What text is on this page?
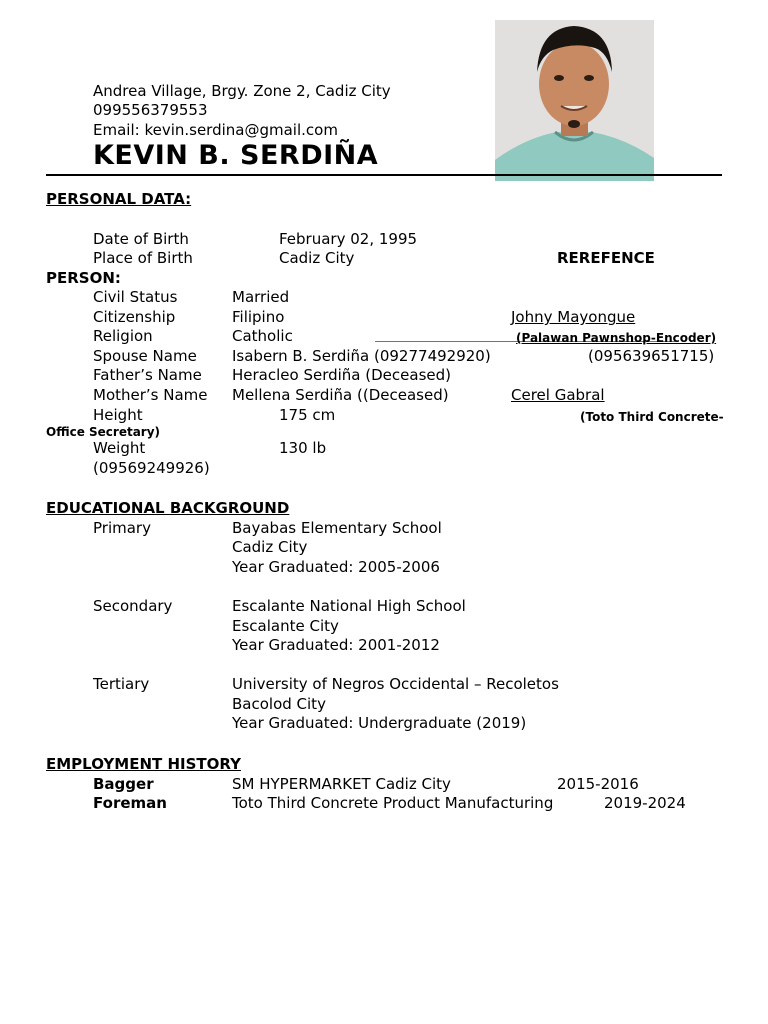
Andrea Village, Brgy. Zone 2, Cadiz City
099556379553
Email: kevin.serdina@gmail.com
KEVIN B. SERDIÑA
PERSONAL DATA:
Date of Birth	February 02, 1995
Place of Birth	Cadiz City	REREFENCE
PERSON:
Civil Status	Married
Citizenship	Filipino	Johny Mayongue
Religion	Catholic	(Palawan Pawnshop-Encoder)
Spouse Name Isabern B. Serdiña (09277492920)	(095639651715)
Father’s Name Heracleo Serdiña (Deceased)
Mother’s Name Mellena Serdiña ((Deceased)	Cerel Gabral
Height	175 cm	(Toto Third Concrete-
Office Secretary)
Weight	130 lb
(09569249926)
EDUCATIONAL BACKGROUND
Primary	Bayabas Elementary School
Cadiz City
Year Graduated: 2005-2006
Secondary	Escalante National High School
Escalante City
Year Graduated: 2001-2012
Tertiary	University of Negros Occidental – Recoletos
Bacolod City
Year Graduated: Undergraduate (2019)
EMPLOYMENT HISTORY
Bagger	SM HYPERMARKET Cadiz City	2015-2016
Foreman	Toto Third Concrete Product Manufacturing	2019-2024
